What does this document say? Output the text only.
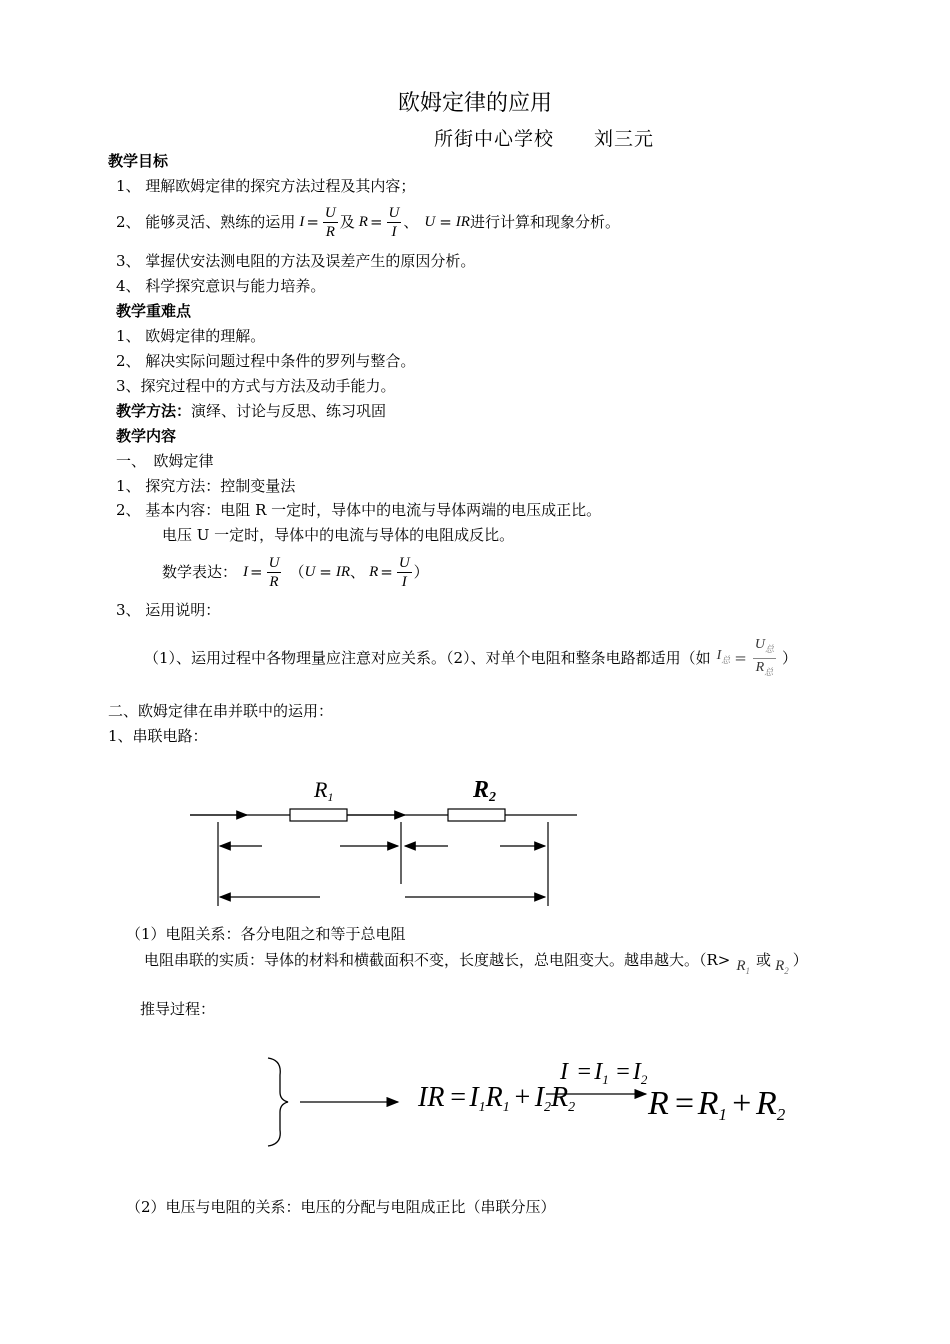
欧姆定律的应用
所街中心学校　　刘三元
教学目标
1、 理解欧姆定律的探究方法过程及其内容；
2、 能够灵活、熟练的运用 $I = \frac{U}{R}$ 及 $R = \frac{U}{I}$ 、 U = IR 进行计算和现象分析。
3、 掌握伏安法测电阻的方法及误差产生的原因分析。
4、 科学探究意识与能力培养。
教学重难点
1、 欧姆定律的理解。
2、 解决实际问题过程中条件的罗列与整合。
3、探究过程中的方式与方法及动手能力。
教学方法：演绎、讨论与反思、练习巩固
教学内容
一、　欧姆定律
1、 探究方法：控制变量法
2、 基本内容：电阻 R 一定时，导体中的电流与导体两端的电压成正比。
电压 U 一定时，导体中的电流与导体的电阻成反比。
数学表达： $I = \frac{U}{R}$ （ U = IR 、 $R = \frac{U}{I}$ ）
3、 运用说明：
（1）、运用过程中各物理量应注意对应关系。（2）、对单个电阻和整条电路都适用（如 $I_总 = \frac{U_总}{R_总}$ ）
二、欧姆定律在串并联中的运用：
1、串联电路：
R1	R2
IR =I1R1 + I2R2
$I =I_1 =I_2$
R =R1+R2
（1）电阻关系：各分电阻之和等于总电阻
电阻串联的实质：导体的材料和横截面积不变，长度越长，总电阻变大。越串越大。（$R> R_1$
或 $R_2$
）
推导过程：
（2）电压与电阻的关系：电压的分配与电阻成正比（串联分压）
